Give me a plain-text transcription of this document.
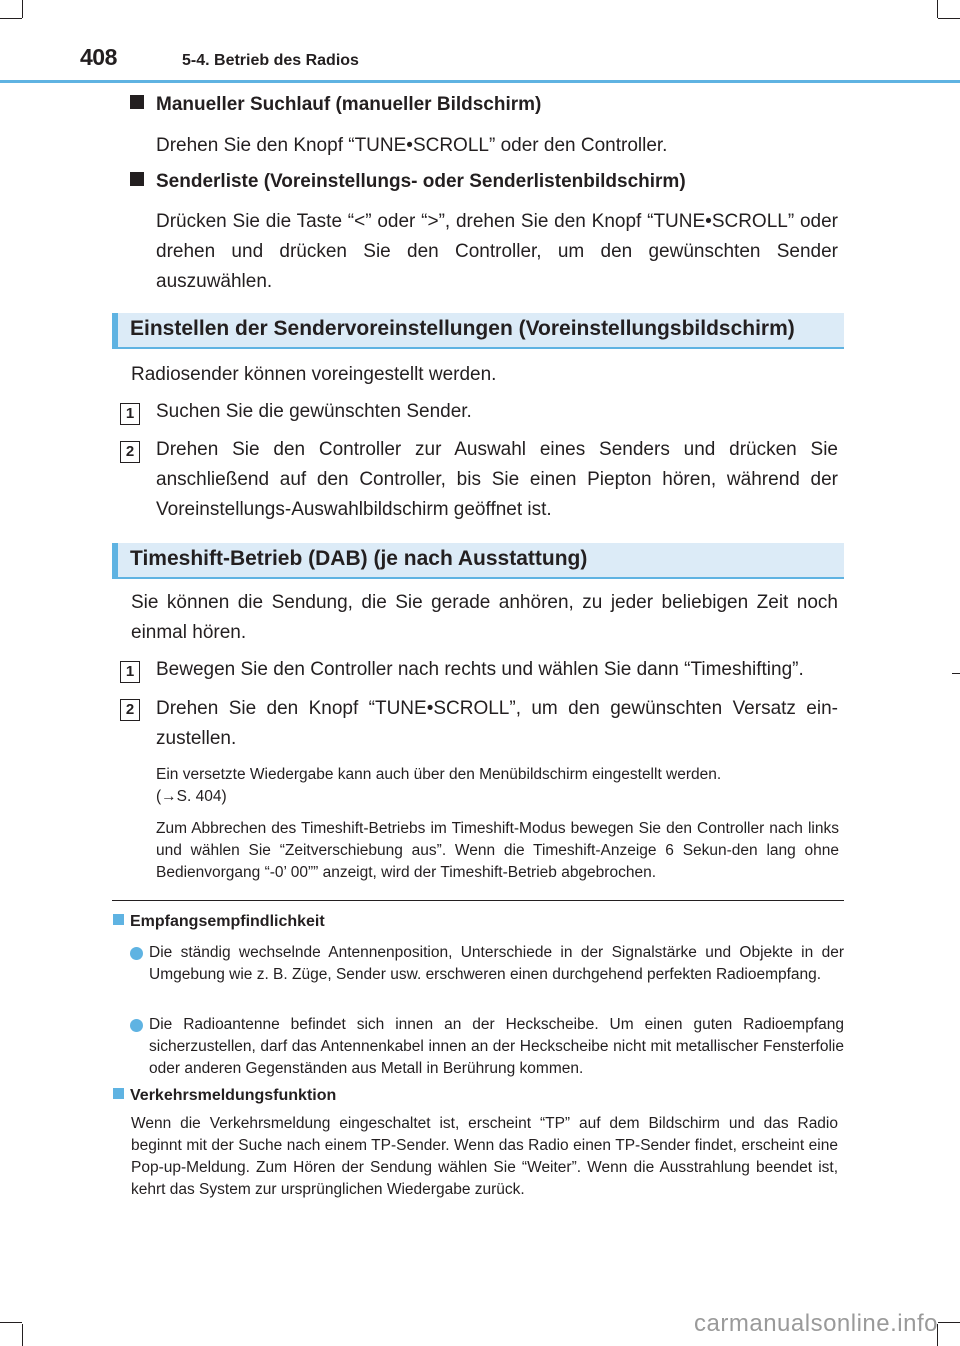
408	5-4. Betrieb des Radios
Manueller Suchlauf (manueller Bildschirm)
Drehen Sie den Knopf “TUNE•SCROLL” oder den Controller.
Senderliste (Voreinstellungs- oder Senderlistenbildschirm)
Drücken Sie die Taste “<” oder “>”, drehen Sie den Knopf “TUNE•SCROLL” oder drehen und drücken Sie den Controller, um den gewünschten Sender auszuwählen.
Einstellen der Sendervoreinstellungen (Voreinstellungsbildschirm)
Radiosender können voreingestellt werden.
1	Suchen Sie die gewünschten Sender.
2	Drehen Sie den Controller zur Auswahl eines Senders und drücken Sie anschließend auf den Controller, bis Sie einen Piepton hören, während der Voreinstellungs-Auswahlbildschirm geöffnet ist.
Timeshift-Betrieb (DAB) (je nach Ausstattung)
Sie können die Sendung, die Sie gerade anhören, zu jeder beliebigen Zeit noch einmal hören.
1	Bewegen Sie den Controller nach rechts und wählen Sie dann “Timeshifting”.
2	Drehen Sie den Knopf “TUNE•SCROLL”, um den gewünschten Versatz ein-zustellen.
Ein versetzte Wiedergabe kann auch über den Menübildschirm eingestellt werden.
(→S. 404)
Zum Abbrechen des Timeshift-Betriebs im Timeshift-Modus bewegen Sie den Controller nach links und wählen Sie “Zeitverschiebung aus”. Wenn die Timeshift-Anzeige 6 Sekun-den lang ohne Bedienvorgang “-0’ 00”” anzeigt, wird der Timeshift-Betrieb abgebrochen.
Empfangsempfindlichkeit
Die ständig wechselnde Antennenposition, Unterschiede in der Signalstärke und Objekte in der Umgebung wie z. B. Züge, Sender usw. erschweren einen durchgehend perfekten Radioempfang.
Die Radioantenne befindet sich innen an der Heckscheibe. Um einen guten Radioempfang sicherzustellen, darf das Antennenkabel innen an der Heckscheibe nicht mit metallischer Fensterfolie oder anderen Gegenständen aus Metall in Berührung kommen.
Verkehrsmeldungsfunktion
Wenn die Verkehrsmeldung eingeschaltet ist, erscheint “TP” auf dem Bildschirm und das Radio beginnt mit der Suche nach einem TP-Sender. Wenn das Radio einen TP-Sender findet, erscheint eine Pop-up-Meldung. Zum Hören der Sendung wählen Sie “Weiter”. Wenn die Ausstrahlung beendet ist, kehrt das System zur ursprünglichen Wiedergabe zurück.
carmanualsonline.info
